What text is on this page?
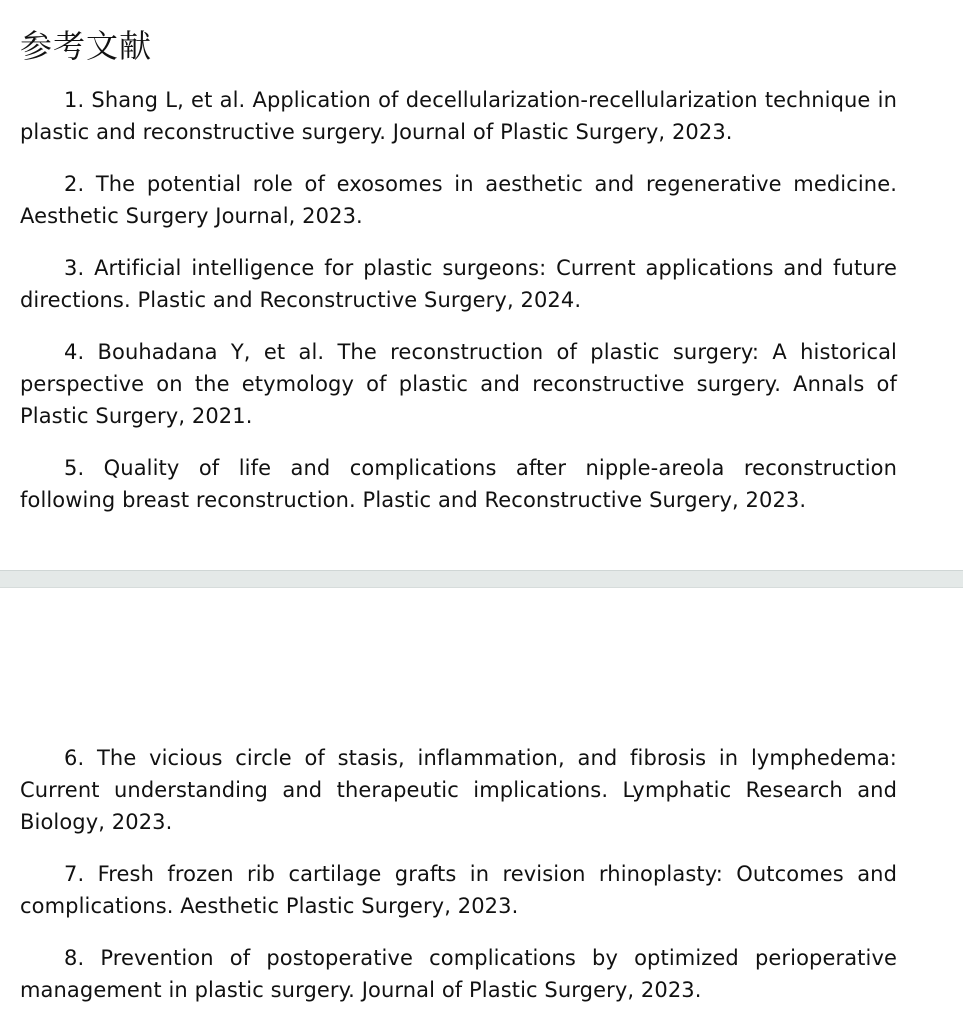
参考文献

1. Shang L, et al. Application of decellularization-recellularization technique in plastic and reconstructive surgery. Journal of Plastic Surgery, 2023.

2. The potential role of exosomes in aesthetic and regenerative medicine. Aesthetic Surgery Journal, 2023.

3. Artificial intelligence for plastic surgeons: Current applications and future directions. Plastic and Reconstructive Surgery, 2024.

4. Bouhadana Y, et al. The reconstruction of plastic surgery: A historical perspective on the etymology of plastic and reconstructive surgery. Annals of Plastic Surgery, 2021.

5. Quality of life and complications after nipple-areola reconstruction following breast reconstruction. Plastic and Reconstructive Surgery, 2023.

6. The vicious circle of stasis, inflammation, and fibrosis in lymphedema: Current understanding and therapeutic implications. Lymphatic Research and Biology, 2023.

7. Fresh frozen rib cartilage grafts in revision rhinoplasty: Outcomes and complications. Aesthetic Plastic Surgery, 2023.

8. Prevention of postoperative complications by optimized perioperative management in plastic surgery. Journal of Plastic Surgery, 2023.
